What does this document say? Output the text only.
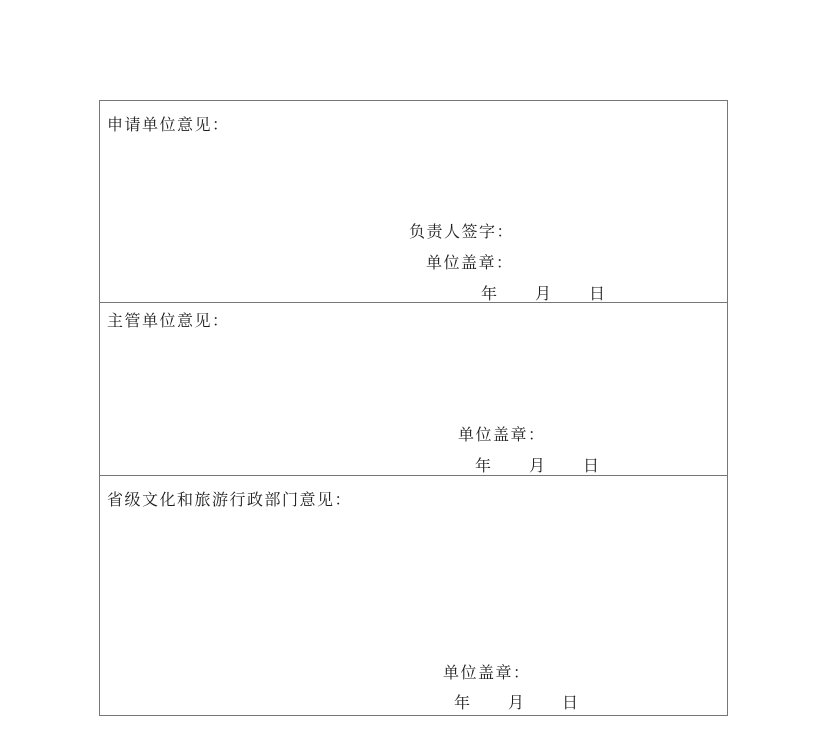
申请单位意见：
负责人签字：
单位盖章：
年 月 日
主管单位意见：
单位盖章：
年 月 日
省级文化和旅游行政部门意见：
单位盖章：
年 月 日
